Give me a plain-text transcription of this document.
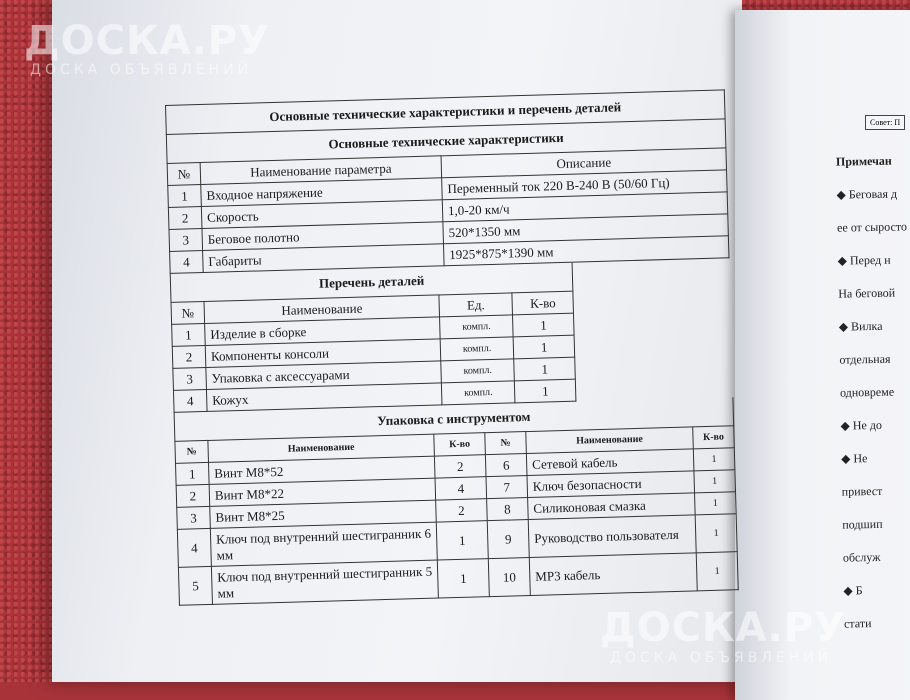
Основные технические характеристики и перечень деталей		
Основные технические характеристики		
№	Наименование параметра	Описание
1	Входное напряжение	Переменный ток 220 В-240 В (50/60 Гц)
2	Скорость	1,0-20 км/ч
3	Беговое полотно	520*1350 мм
4	Габариты	1925*875*1390 мм
Перечень деталей			
№	Наименование	Ед.	К-во
1	Изделие в сборке	компл.	1
2	Компоненты консоли	компл.	1
3	Упаковка с аксессуарами	компл.	1
4	Кожух	компл.	1
Упаковка с инструментом					
№	Наименование	К-во	№	Наименование	К-во
1	Винт М8*52	2	6	Сетевой кабель	1
2	Винт М8*22	4	7	Ключ безопасности	1
3	Винт М8*25	2	8	Силиконовая смазка	1
4	Ключ под внутренний шестигранник 6 мм	1	9	Руководство пользователя	1
5	Ключ под внутренний шестигранник 5 мм	1	10	МР3 кабель	1
Совет: П
Примечан
◆ Беговая д
ее от сыросто
◆ Перед н
На беговой
◆ Вилка
отдельная
одновреме
◆ Не до
◆ Не
привест
подшип
обслуж
◆ Б
стати
ДОСКА.РУ
ДОСКА ОБЪЯВЛЕНИЙ
ДОСКА.РУ
ДОСКА ОБЪЯВЛЕНИЙ
